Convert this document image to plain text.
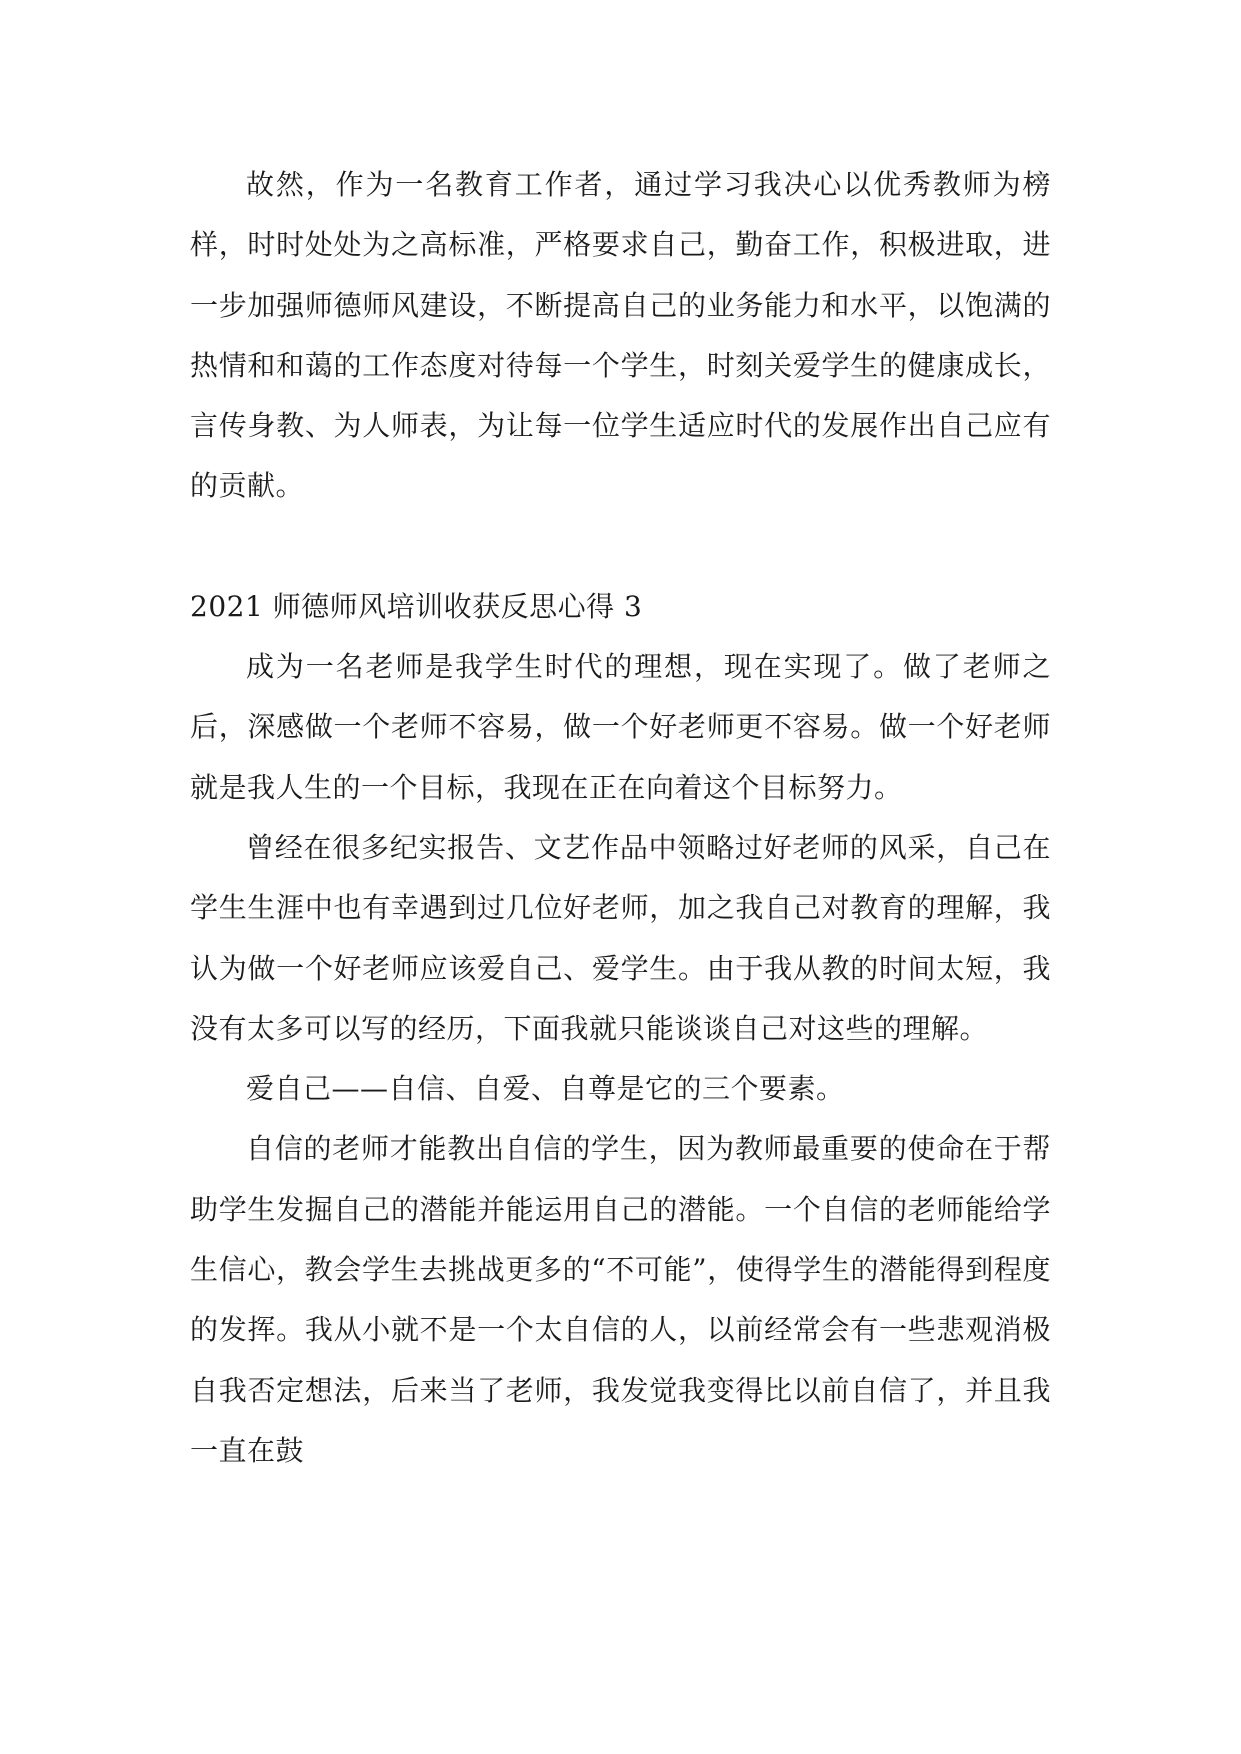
故然，作为一名教育工作者，通过学习我决心以优秀教师为榜样，时时处处为之高标准，严格要求自己，勤奋工作，积极进取，进一步加强师德师风建设，不断提高自己的业务能力和水平，以饱满的热情和和蔼的工作态度对待每一个学生，时刻关爱学生的健康成长，言传身教、为人师表，为让每一位学生适应时代的发展作出自己应有的贡献。

2021 师德师风培训收获反思心得 3

成为一名老师是我学生时代的理想，现在实现了。做了老师之后，深感做一个老师不容易，做一个好老师更不容易。做一个好老师就是我人生的一个目标，我现在正在向着这个目标努力。

曾经在很多纪实报告、文艺作品中领略过好老师的风采，自己在学生生涯中也有幸遇到过几位好老师，加之我自己对教育的理解，我认为做一个好老师应该爱自己、爱学生。由于我从教的时间太短，我没有太多可以写的经历，下面我就只能谈谈自己对这些的理解。

爱自己——自信、自爱、自尊是它的三个要素。

自信的老师才能教出自信的学生，因为教师最重要的使命在于帮助学生发掘自己的潜能并能运用自己的潜能。一个自信的老师能给学生信心，教会学生去挑战更多的“不可能”，使得学生的潜能得到程度的发挥。我从小就不是一个太自信的人，以前经常会有一些悲观消极自我否定想法，后来当了老师，我发觉我变得比以前自信了，并且我一直在鼓
